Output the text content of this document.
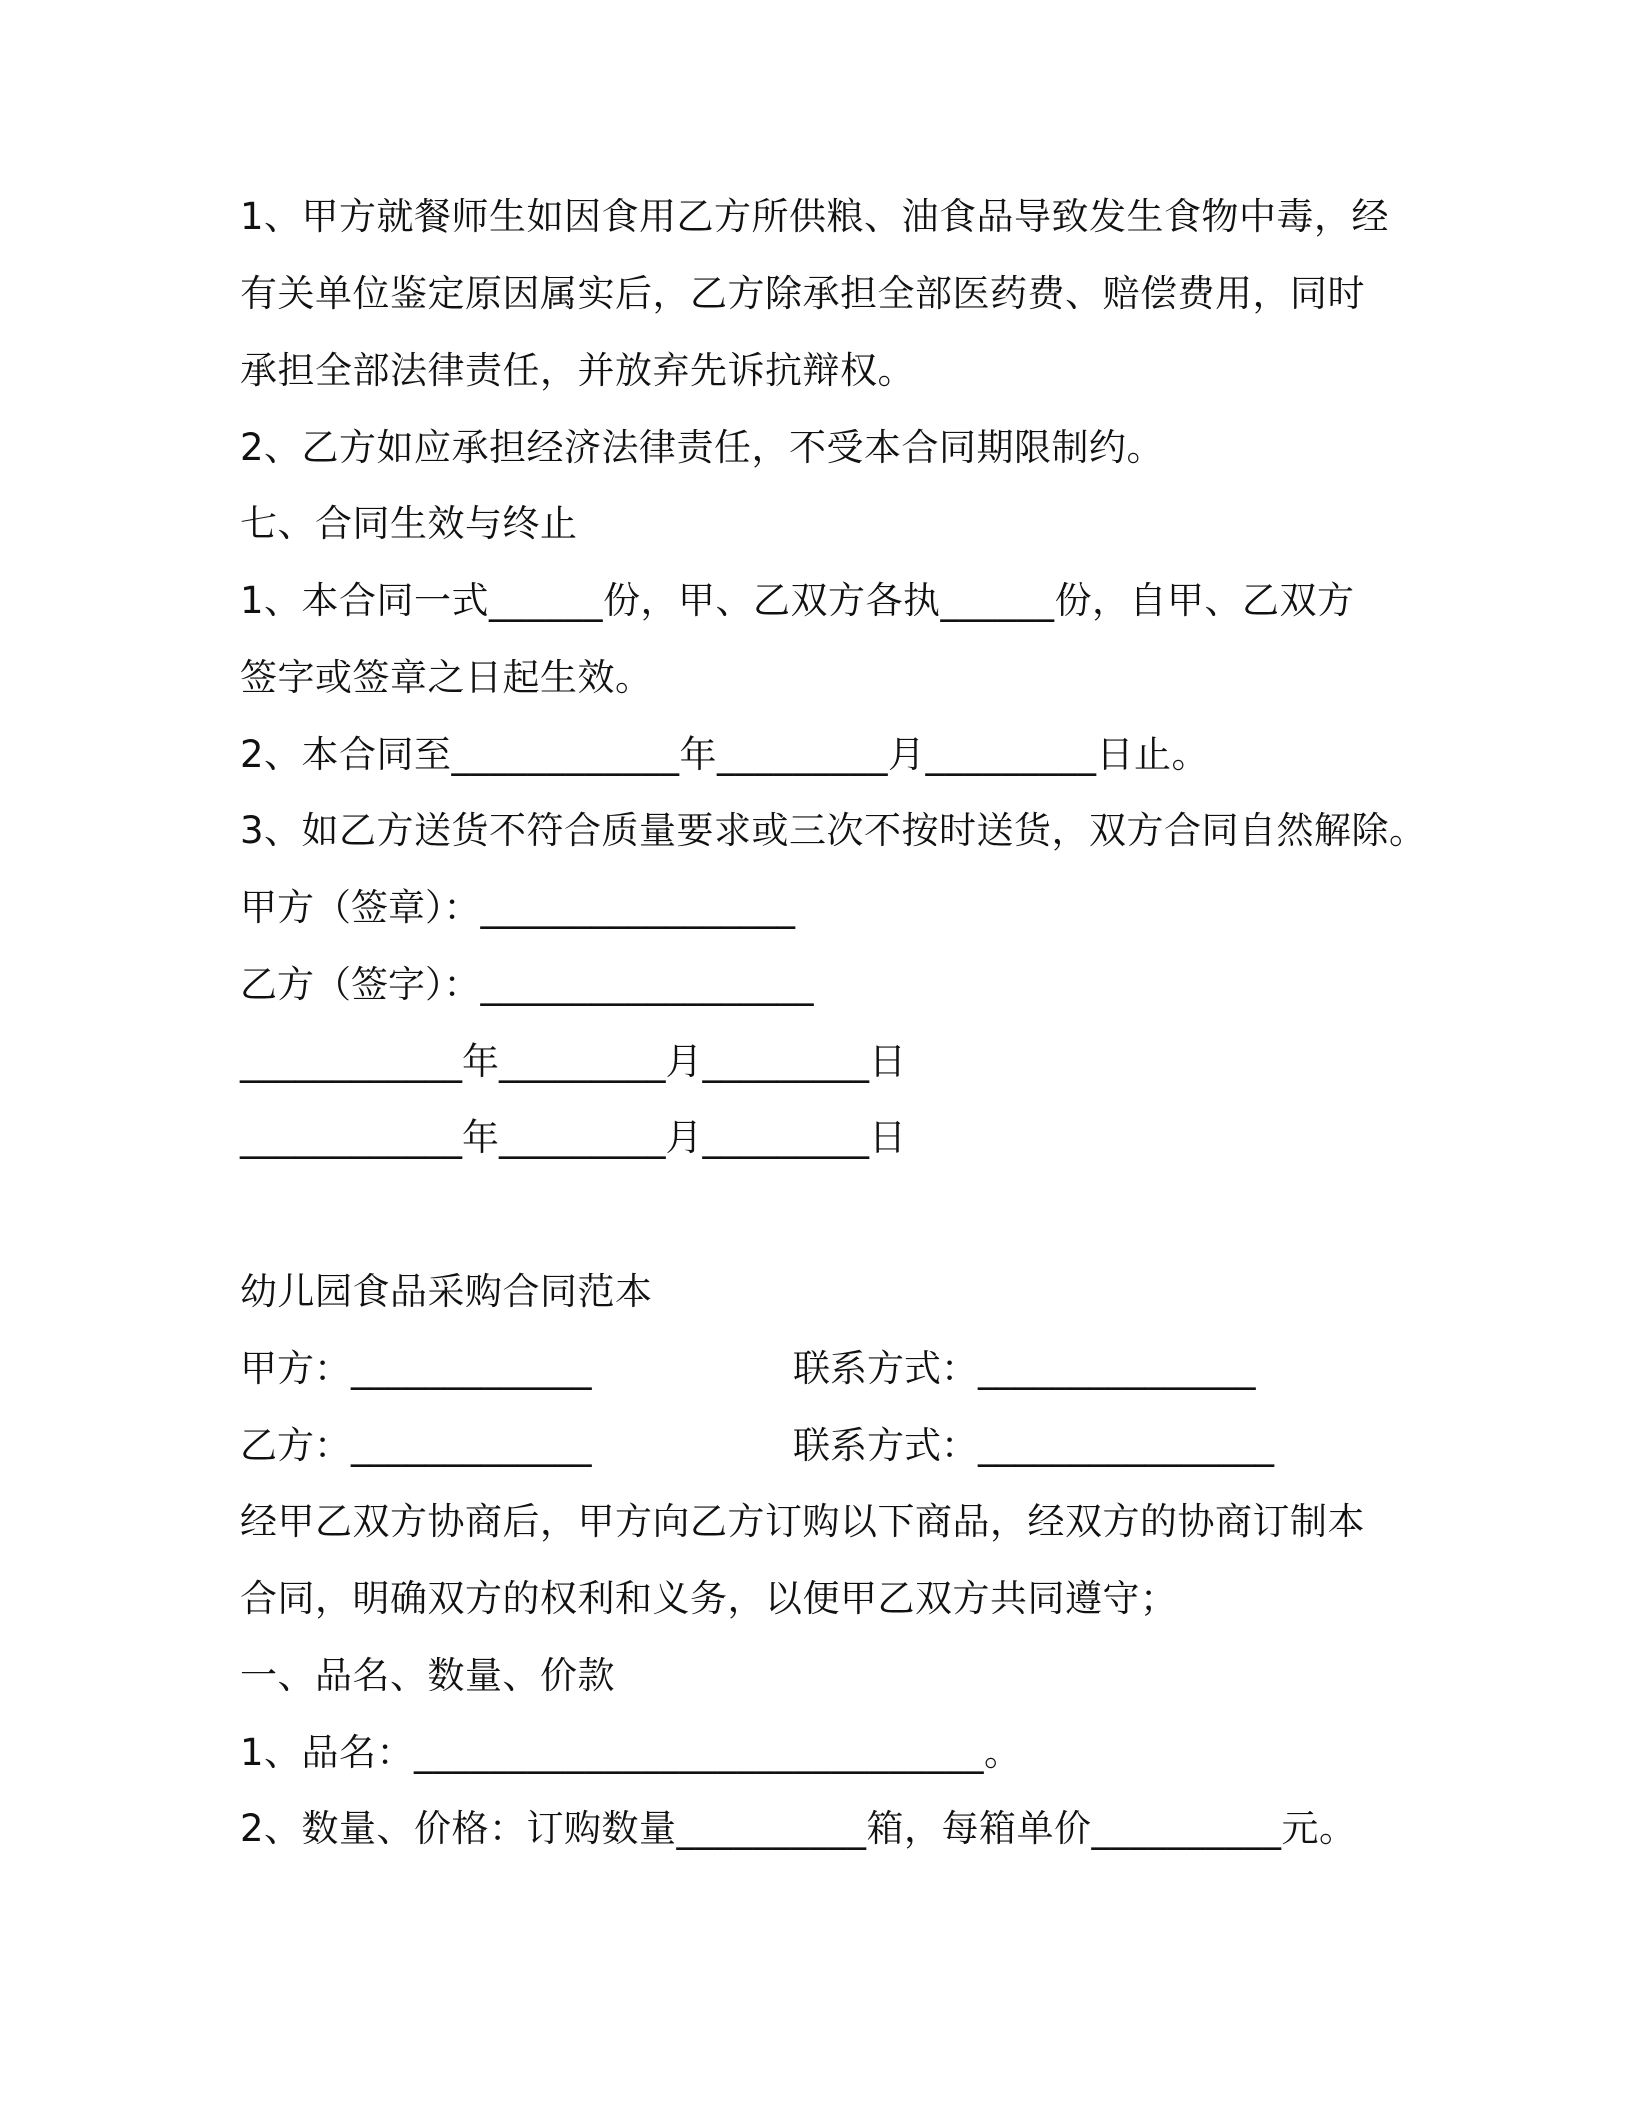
1、甲方就餐师生如因食用乙方所供粮、油食品导致发生食物中毒，经
有关单位鉴定原因属实后，乙方除承担全部医药费、赔偿费用，同时
承担全部法律责任，并放弃先诉抗辩权。
2、乙方如应承担经济法律责任，不受本合同期限制约。
七、合同生效与终止
1、本合同一式______份，甲、乙双方各执______份，自甲、乙双方
签字或签章之日起生效。
2、本合同至____________年_________月_________日止。
3、如乙方送货不符合质量要求或三次不按时送货，双方合同自然解除。
甲方（签章）：_________________
乙方（签字）：__________________
____________年_________月_________日
____________年_________月_________日
幼儿园食品采购合同范本
甲方：_____________	联系方式：_______________
乙方：_____________	联系方式：________________
经甲乙双方协商后，甲方向乙方订购以下商品，经双方的协商订制本
合同，明确双方的权利和义务，以便甲乙双方共同遵守；
一、品名、数量、价款
1、品名：______________________________。
2、数量、价格：订购数量__________箱，每箱单价__________元。
